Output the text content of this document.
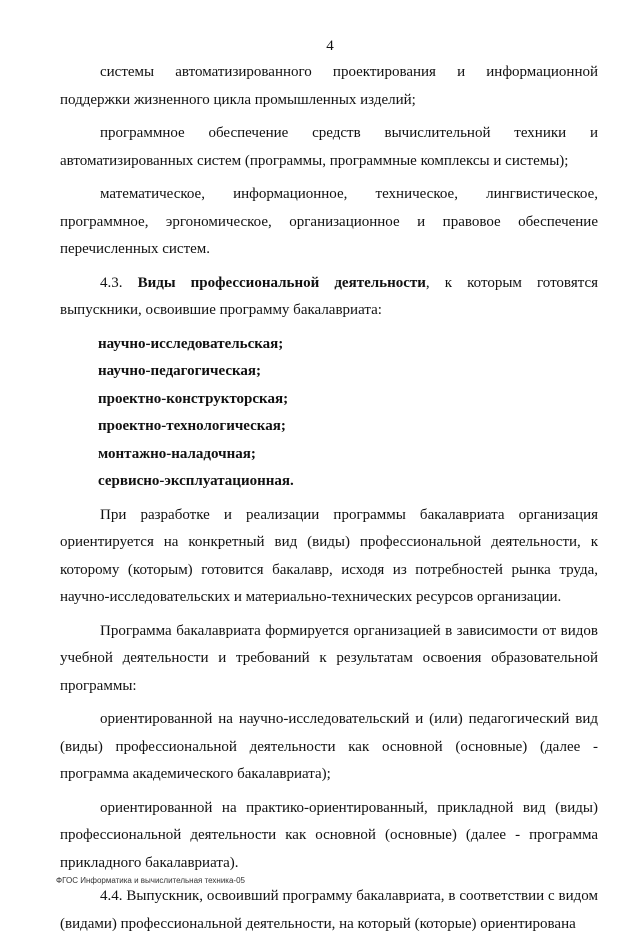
4

системы автоматизированного проектирования и информационной поддержки жизненного цикла промышленных изделий;

программное обеспечение средств вычислительной техники и автоматизированных систем (программы, программные комплексы и системы);

математическое, информационное, техническое, лингвистическое, программное, эргономическое, организационное и правовое обеспечение перечисленных систем.

4.3. Виды профессиональной деятельности, к которым готовятся выпускники, освоившие программу бакалавриата:

научно-исследовательская;

научно-педагогическая;

проектно-конструкторская;

проектно-технологическая;

монтажно-наладочная;

сервисно-эксплуатационная.

При разработке и реализации программы бакалавриата организация ориентируется на конкретный вид (виды) профессиональной деятельности, к которому (которым) готовится бакалавр, исходя из потребностей рынка труда, научно-исследовательских и материально-технических ресурсов организации.

Программа бакалавриата формируется организацией в зависимости от видов учебной деятельности и требований к результатам освоения образовательной программы:

ориентированной на научно-исследовательский и (или) педагогический вид (виды) профессиональной деятельности как основной (основные) (далее - программа академического бакалавриата);

ориентированной на практико-ориентированный, прикладной вид (виды) профессиональной деятельности как основной (основные) (далее - программа прикладного бакалавриата).

4.4. Выпускник, освоивший программу бакалавриата, в соответствии с видом (видами) профессиональной деятельности, на который (которые) ориентирована

ФГОС Информатика и вычислительная техника-05
